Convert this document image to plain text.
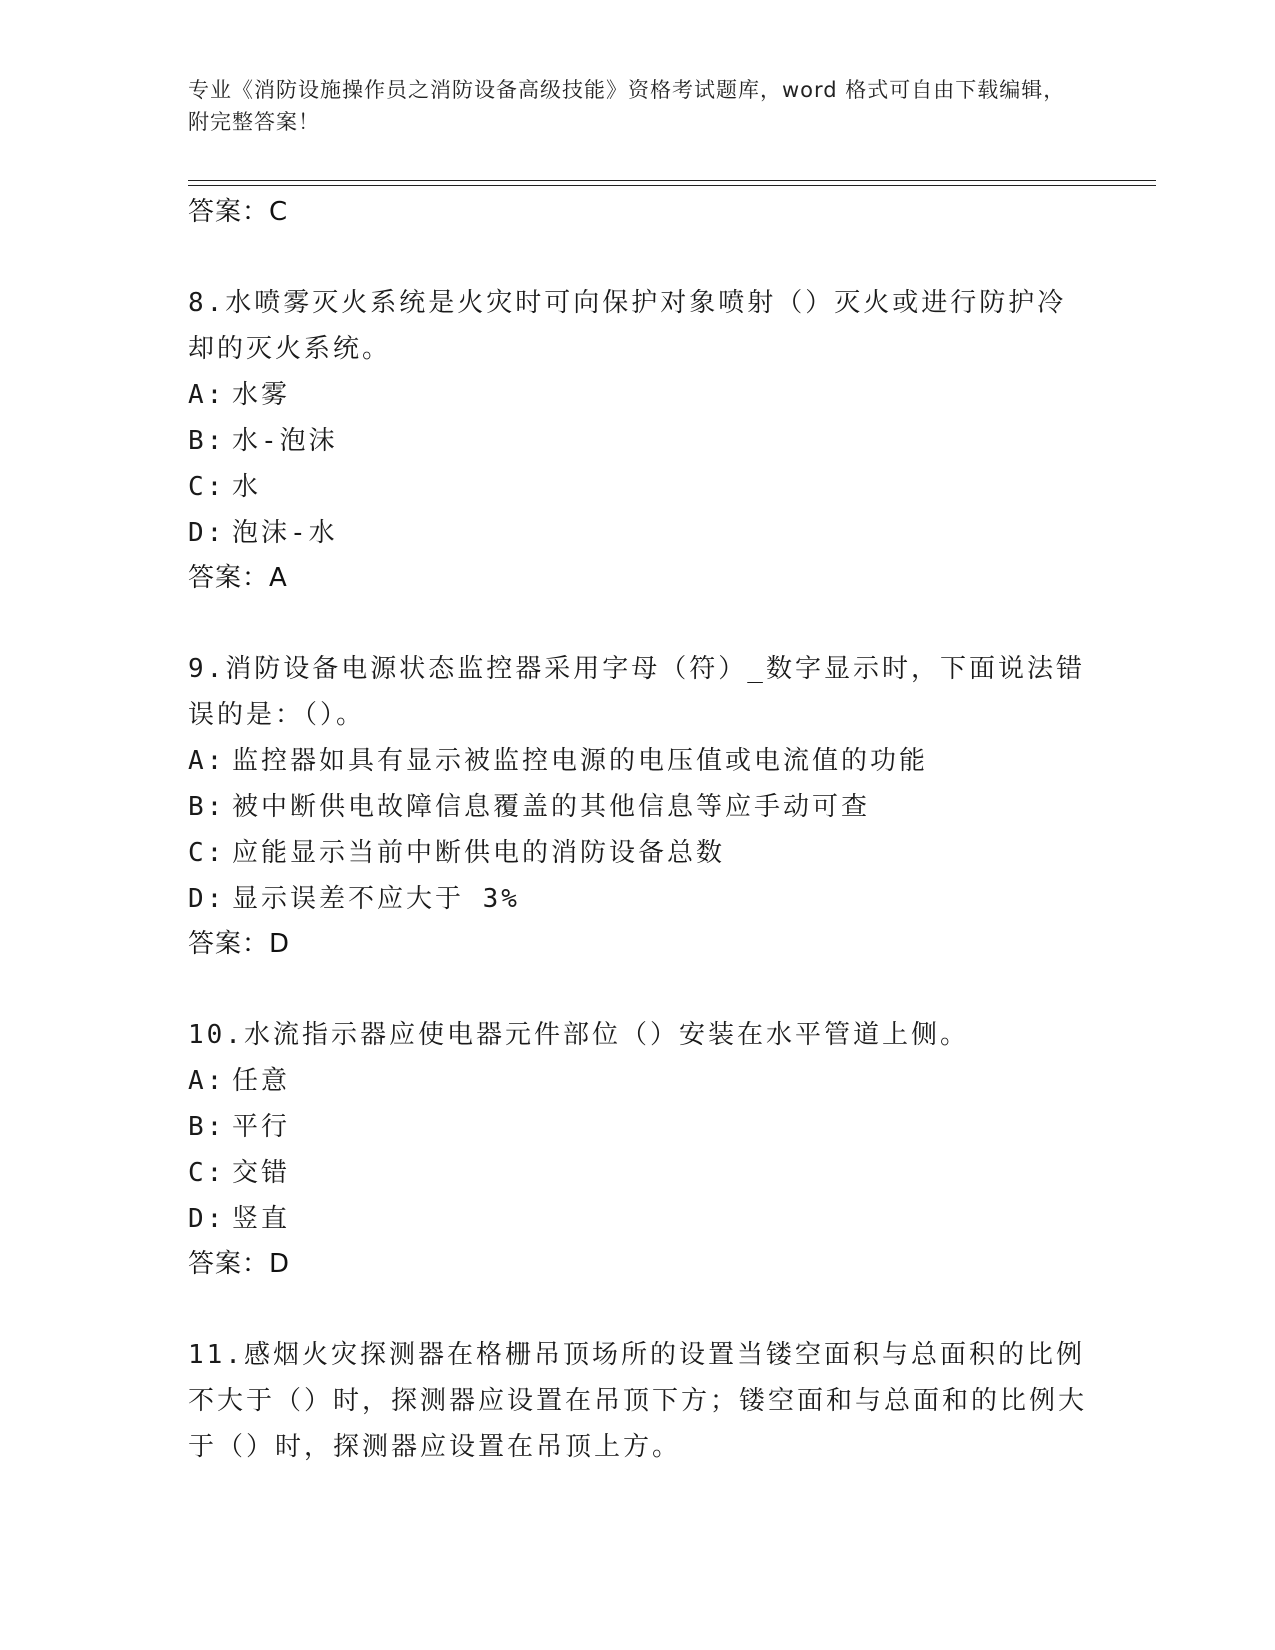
专业《消防设施操作员之消防设备高级技能》资格考试题库，word 格式可自由下载编辑，附完整答案！
答案：C
8.水喷雾灭火系统是火灾时可向保护对象喷射（）灭火或进行防护冷却的灭火系统。
A: 水雾
B: 水-泡沫
C: 水
D: 泡沫-水
答案：A
9.消防设备电源状态监控器采用字母（符）_数字显示时，下面说法错误的是：（）。
A: 监控器如具有显示被监控电源的电压值或电流值的功能
B: 被中断供电故障信息覆盖的其他信息等应手动可查
C: 应能显示当前中断供电的消防设备总数
D: 显示误差不应大于 3%
答案：D
10.水流指示器应使电器元件部位（）安装在水平管道上侧。
A: 任意
B: 平行
C: 交错
D: 竖直
答案：D
11.感烟火灾探测器在格栅吊顶场所的设置当镂空面积与总面积的比例不大于（）时，探测器应设置在吊顶下方；镂空面和与总面和的比例大于（）时，探测器应设置在吊顶上方。
